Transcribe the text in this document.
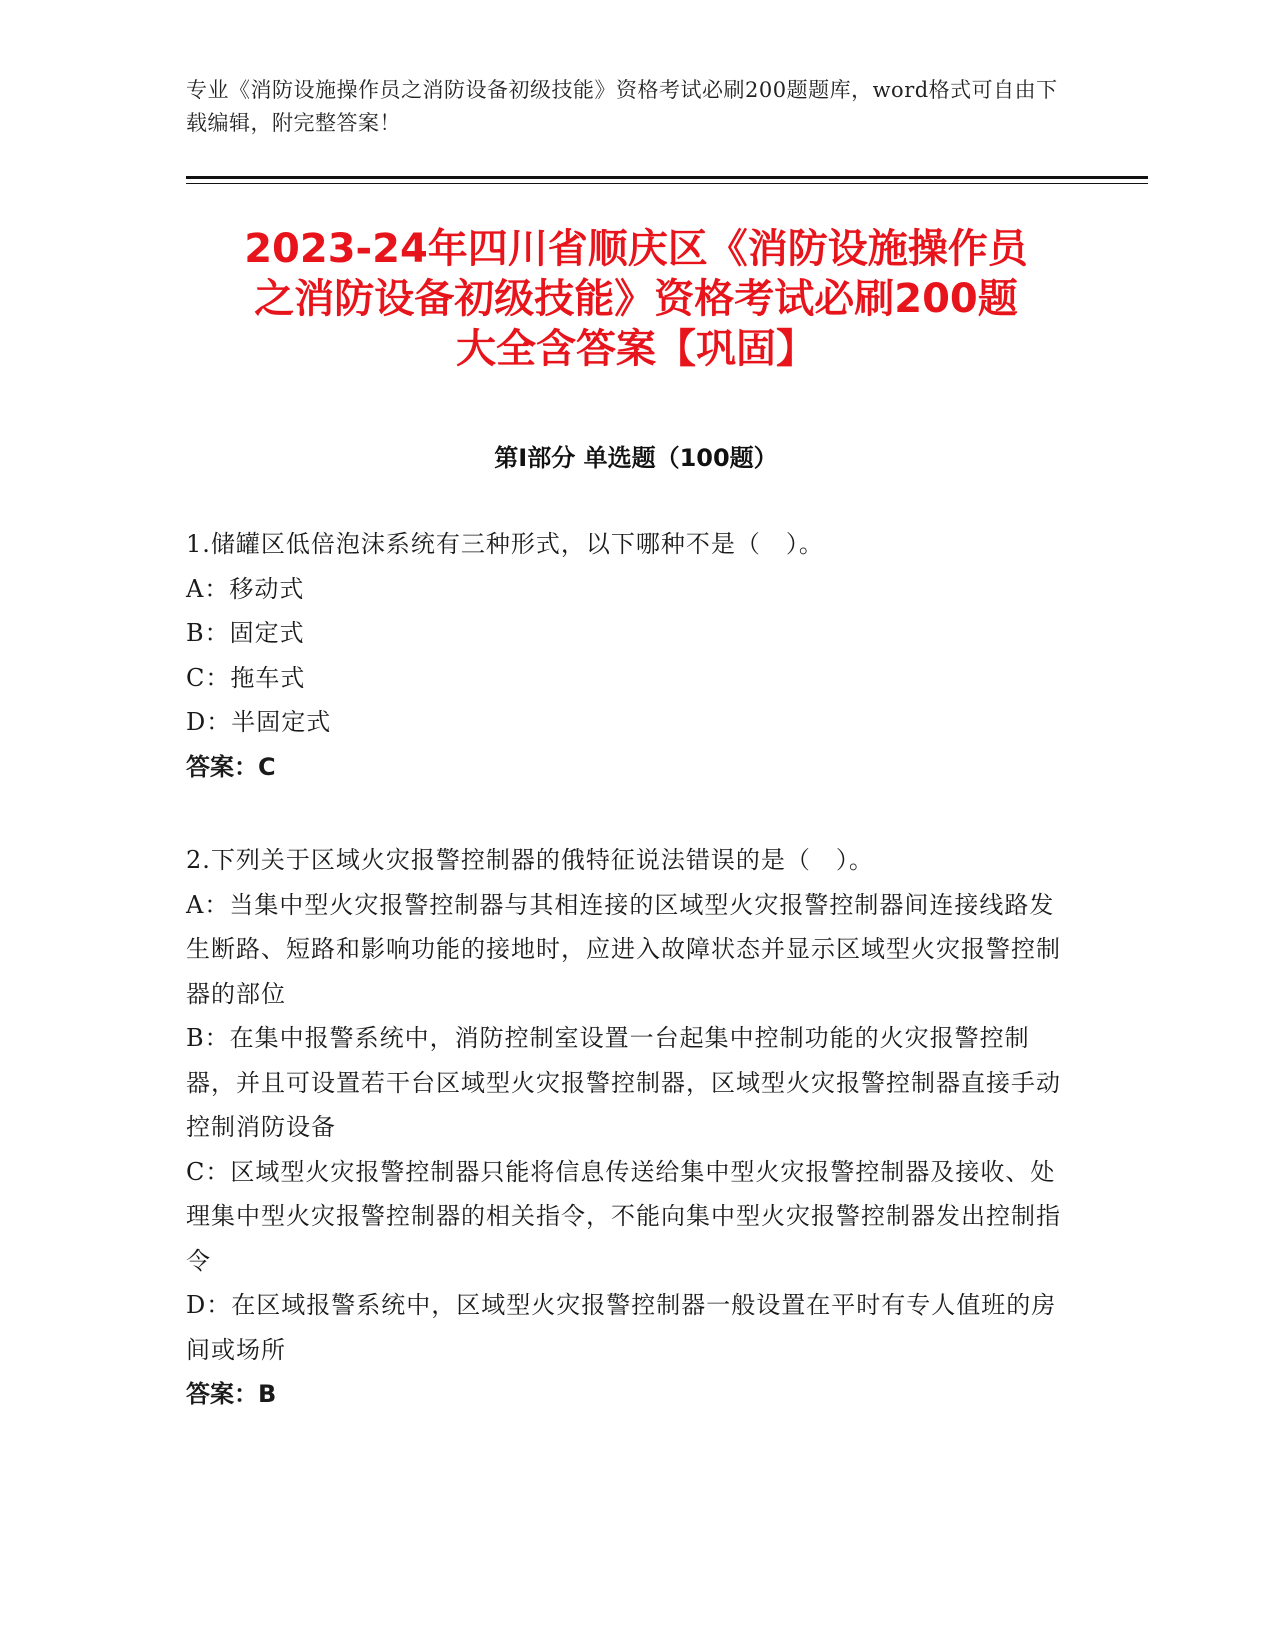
专业《消防设施操作员之消防设备初级技能》资格考试必刷200题题库，word格式可自由下载编辑，附完整答案！
2023-24年四川省顺庆区《消防设施操作员
之消防设备初级技能》资格考试必刷200题
大全含答案【巩固】
第Ⅰ部分 单选题（100题）
1.储罐区低倍泡沫系统有三种形式，以下哪种不是（　）。
A：移动式
B：固定式
C：拖车式
D：半固定式
答案：C
2.下列关于区域火灾报警控制器的俄特征说法错误的是（　）。
A：当集中型火灾报警控制器与其相连接的区域型火灾报警控制器间连接线路发生断路、短路和影响功能的接地时，应进入故障状态并显示区域型火灾报警控制器的部位
B：在集中报警系统中，消防控制室设置一台起集中控制功能的火灾报警控制器，并且可设置若干台区域型火灾报警控制器，区域型火灾报警控制器直接手动控制消防设备
C：区域型火灾报警控制器只能将信息传送给集中型火灾报警控制器及接收、处理集中型火灾报警控制器的相关指令，不能向集中型火灾报警控制器发出控制指令
D：在区域报警系统中，区域型火灾报警控制器一般设置在平时有专人值班的房间或场所
答案：B
